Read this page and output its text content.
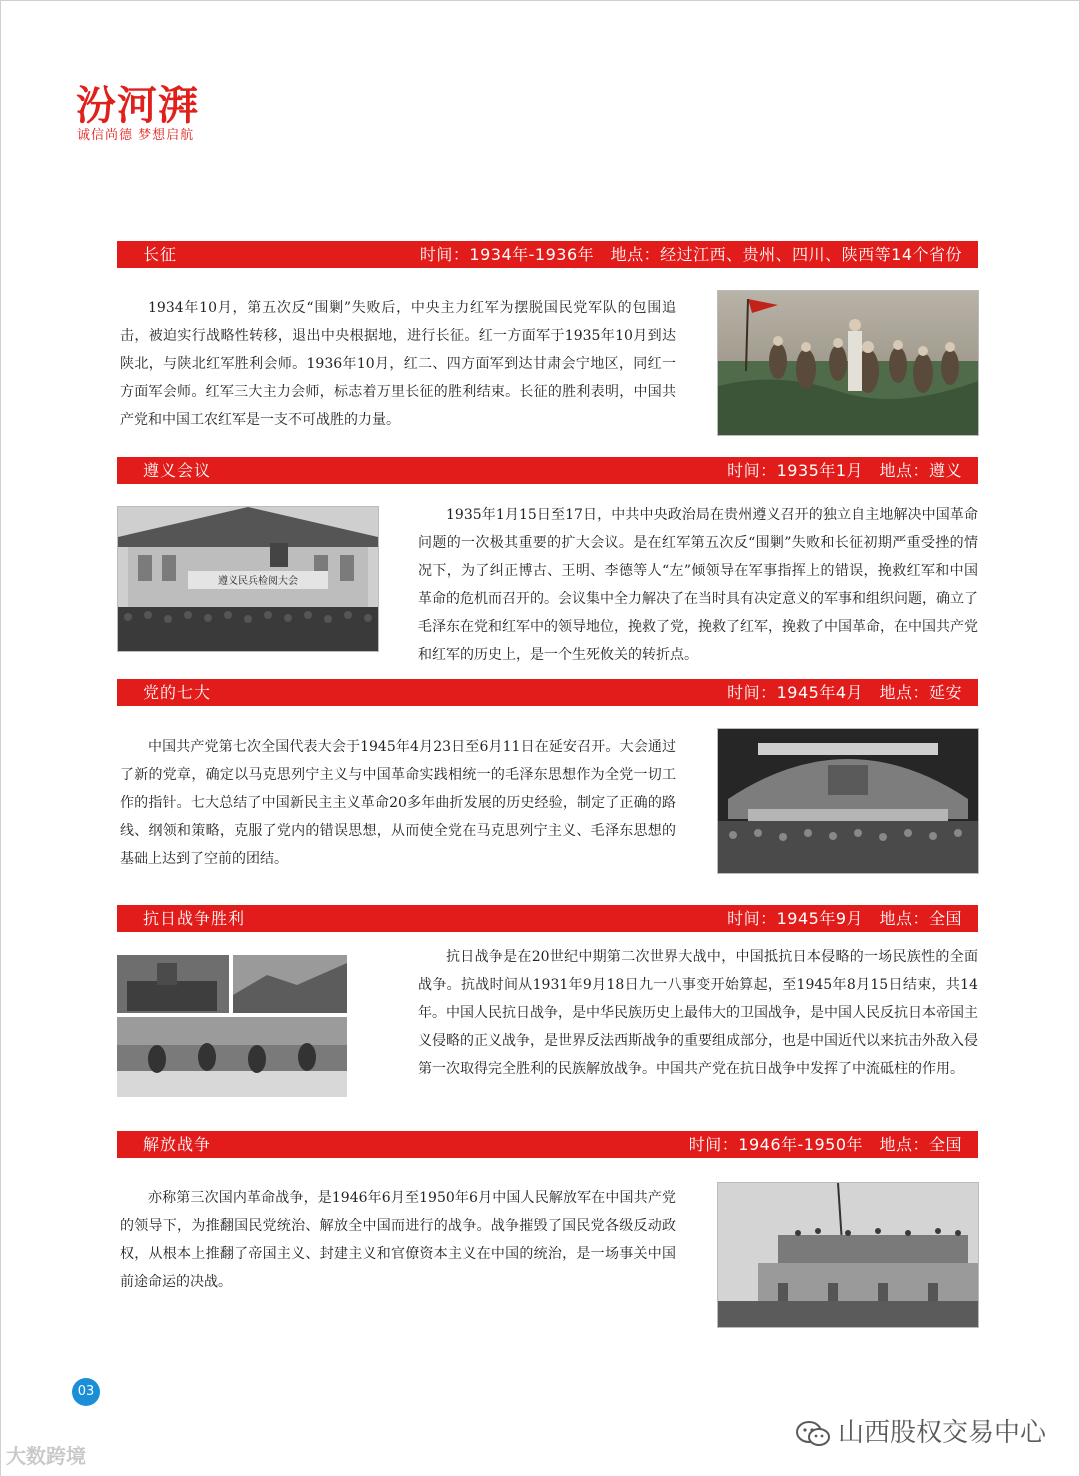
汾河湃
诚信尚德 梦想启航
长征	时间：1934年-1936年　地点：经过江西、贵州、四川、陕西等14个省份

1934年10月，第五次反“围剿”失败后，中央主力红军为摆脱国民党军队的包围追击，被迫实行战略性转移，退出中央根据地，进行长征。红一方面军于1935年10月到达陕北，与陕北红军胜利会师。1936年10月，红二、四方面军到达甘肃会宁地区，同红一方面军会师。红军三大主力会师，标志着万里长征的胜利结束。长征的胜利表明，中国共产党和中国工农红军是一支不可战胜的力量。

遵义会议	时间：1935年1月　地点：遵义
遵义民兵检阅大会

1935年1月15日至17日，中共中央政治局在贵州遵义召开的独立自主地解决中国革命问题的一次极其重要的扩大会议。是在红军第五次反“围剿”失败和长征初期严重受挫的情况下，为了纠正博古、王明、李德等人“左”倾领导在军事指挥上的错误，挽救红军和中国革命的危机而召开的。会议集中全力解决了在当时具有决定意义的军事和组织问题，确立了毛泽东在党和红军中的领导地位，挽救了党，挽救了红军，挽救了中国革命，在中国共产党和红军的历史上，是一个生死攸关的转折点。

党的七大	时间：1945年4月　地点：延安

中国共产党第七次全国代表大会于1945年4月23日至6月11日在延安召开。大会通过了新的党章，确定以马克思列宁主义与中国革命实践相统一的毛泽东思想作为全党一切工作的指针。七大总结了中国新民主主义革命20多年曲折发展的历史经验，制定了正确的路线、纲领和策略，克服了党内的错误思想，从而使全党在马克思列宁主义、毛泽东思想的基础上达到了空前的团结。

抗日战争胜利	时间：1945年9月　地点：全国

抗日战争是在20世纪中期第二次世界大战中，中国抵抗日本侵略的一场民族性的全面战争。抗战时间从1931年9月18日九一八事变开始算起，至1945年8月15日结束，共14年。中国人民抗日战争，是中华民族历史上最伟大的卫国战争，是中国人民反抗日本帝国主义侵略的正义战争，是世界反法西斯战争的重要组成部分，也是中国近代以来抗击外敌入侵第一次取得完全胜利的民族解放战争。中国共产党在抗日战争中发挥了中流砥柱的作用。

解放战争	时间：1946年-1950年　地点：全国

亦称第三次国内革命战争，是1946年6月至1950年6月中国人民解放军在中国共产党的领导下，为推翻国民党统治、解放全中国而进行的战争。战争摧毁了国民党各级反动政权，从根本上推翻了帝国主义、封建主义和官僚资本主义在中国的统治，是一场事关中国前途命运的决战。

03
大数跨境
山西股权交易中心
